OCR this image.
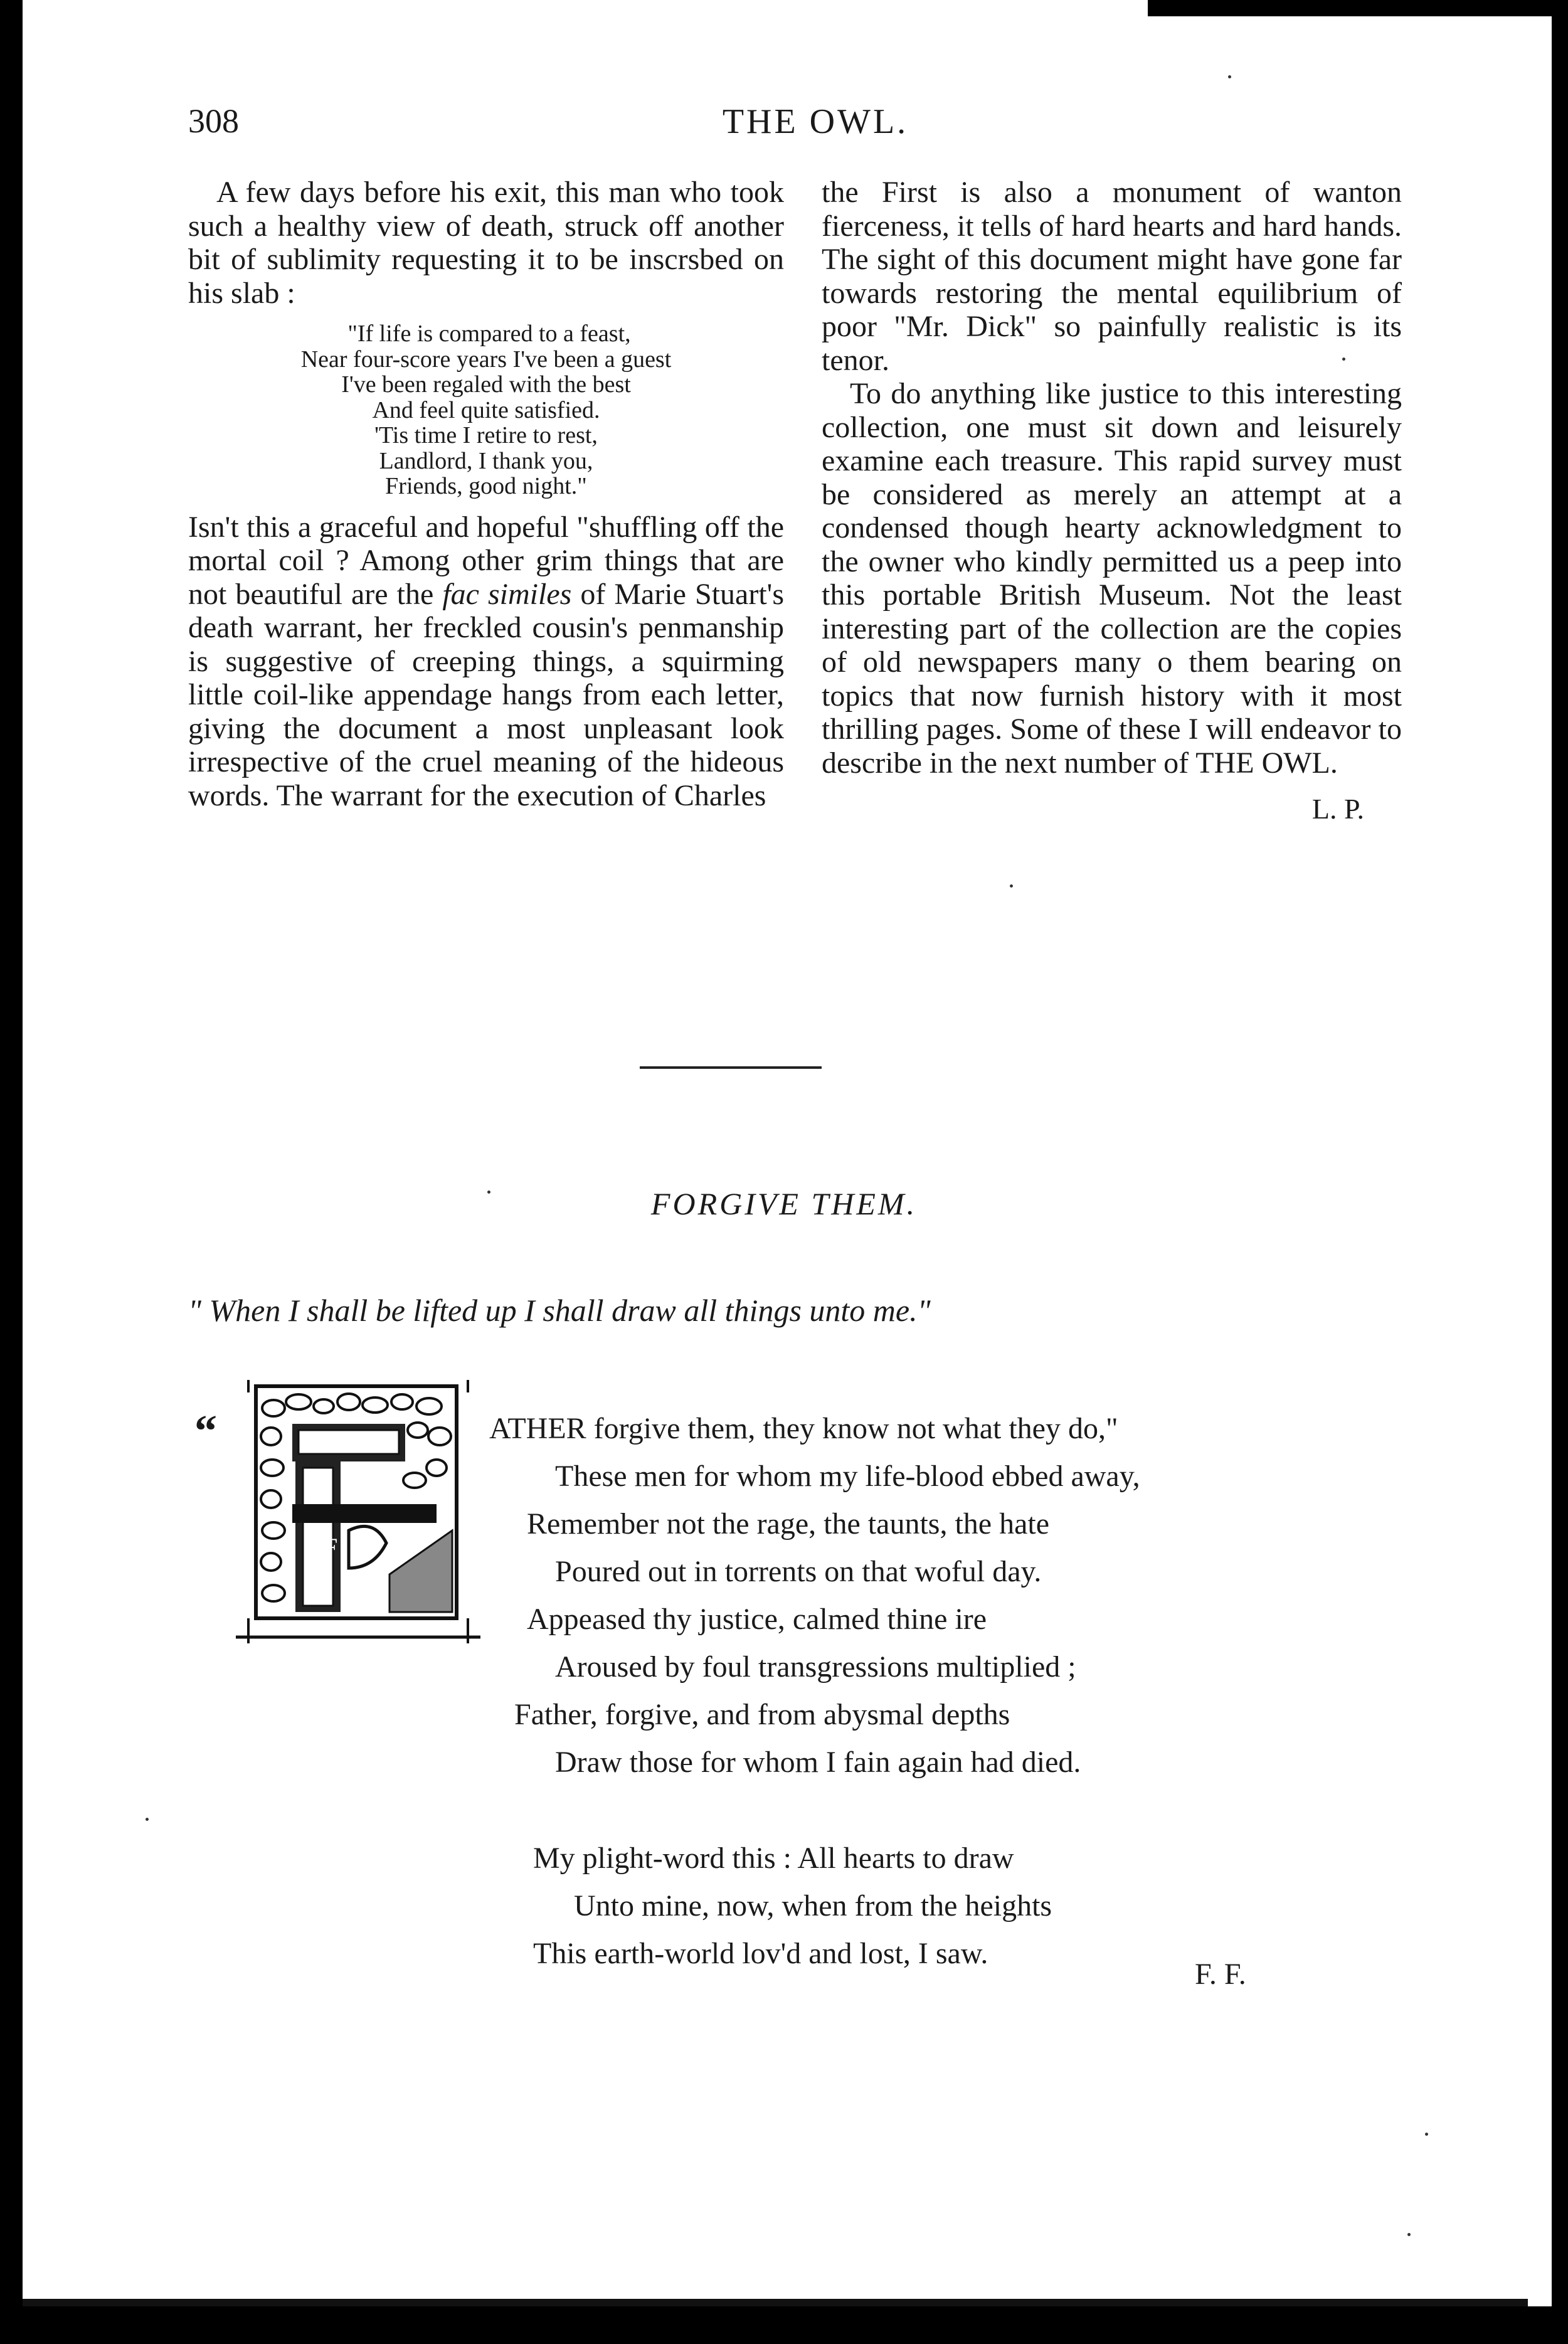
308	THE OWL.

A few days before his exit, this man who took such a healthy view of death, struck off another bit of sublimity requesting it to be inscrsbed on his slab :

"If life is compared to a feast,
Near four-score years I've been a guest
I've been regaled with the best
And feel quite satisfied.
'Tis time I retire to rest,
Landlord, I thank you,
Friends, good night."

Isn't this a graceful and hopeful "shuffling off the mortal coil ? Among other grim things that are not beautiful are the fac similes of Marie Stuart's death warrant, her freckled cousin's penmanship is suggestive of creeping things, a squirming little coil-like appendage hangs from each letter, giving the document a most unpleasant look irrespective of the cruel meaning of the hideous words. The warrant for the execution of Charles

the First is also a monument of wanton fierceness, it tells of hard hearts and hard hands. The sight of this document might have gone far towards restoring the mental equilibrium of poor "Mr. Dick" so painfully realistic is its tenor.

To do anything like justice to this interesting collection, one must sit down and leisurely examine each treasure. This rapid survey must be considered as merely an attempt at a condensed though hearty acknowledgment to the owner who kindly permitted us a peep into this portable British Museum. Not the least interesting part of the collection are the copies of old newspapers many o them bearing on topics that now furnish history with it most thrilling pages. Some of these I will endeavor to describe in the next number of THE OWL.

L. P.
FORGIVE THEM.
" When I shall be lifted up I shall draw all things unto me."
“
F
ATHER forgive them, they know not what they do,"
These men for whom my life-blood ebbed away,
Remember not the rage, the taunts, the hate
Poured out in torrents on that woful day.
Appeased thy justice, calmed thine ire
Aroused by foul transgressions multiplied ;
Father, forgive, and from abysmal depths
Draw those for whom I fain again had died.
My plight-word this : All hearts to draw
Unto mine, now, when from the heights
This earth-world lov'd and lost, I saw.
F. F.
